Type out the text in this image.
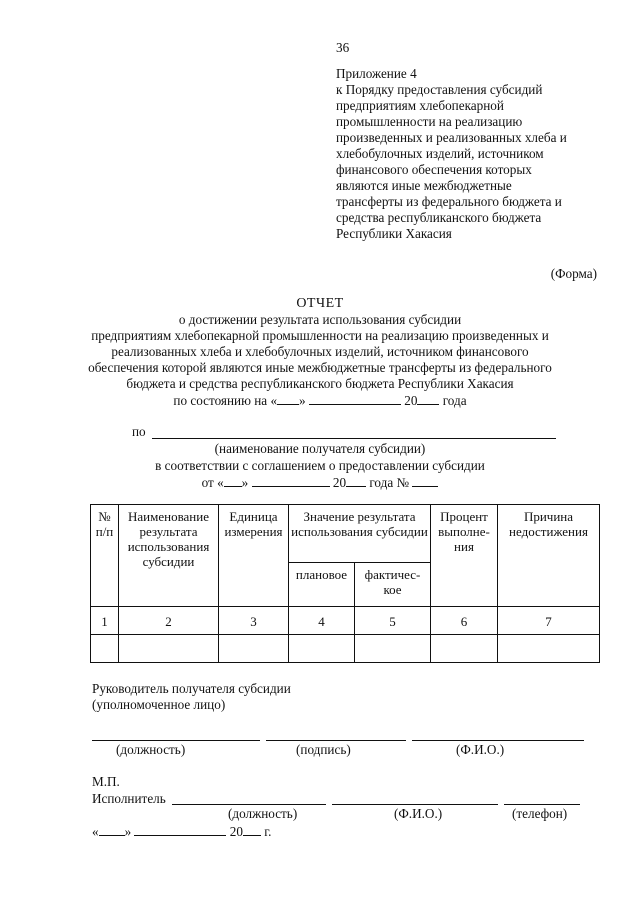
36
Приложение 4
к Порядку предоставления субсидий
предприятиям хлебопекарной
промышленности на реализацию
произведенных и реализованных хлеба и
хлебобулочных изделий, источником
финансового обеспечения которых
являются иные межбюджетные
трансферты из федерального бюджета и
средства республиканского бюджета
Республики Хакасия
(Форма)
ОТЧЕТ
о достижении результата использования субсидии
предприятиям хлебопекарной промышленности на реализацию произведенных и
реализованных хлеба и хлебобулочных изделий, источником финансового
обеспечения которой являются иные межбюджетные трансферты из федерального
бюджета и средства республиканского бюджета Республики Хакасия
по состоянию на « »	20 года
по
(наименование получателя субсидии)
в соответствии с соглашением о предоставлении субсидии
от « »	20 года №
№ п/п	Наименование результата использования субсидии	Единица измерения	Значение результата использования субсидии		Процент выполне-ния	Причина недостижения
			плановое	фактичес-кое		
1	2	3	4	5	6	7

Руководитель получателя субсидии
(уполномоченное лицо)
(должность)	(подпись)	(Ф.И.О.)
М.П.
Исполнитель
(должность)	(Ф.И.О.)	(телефон)
« »	20 г.
